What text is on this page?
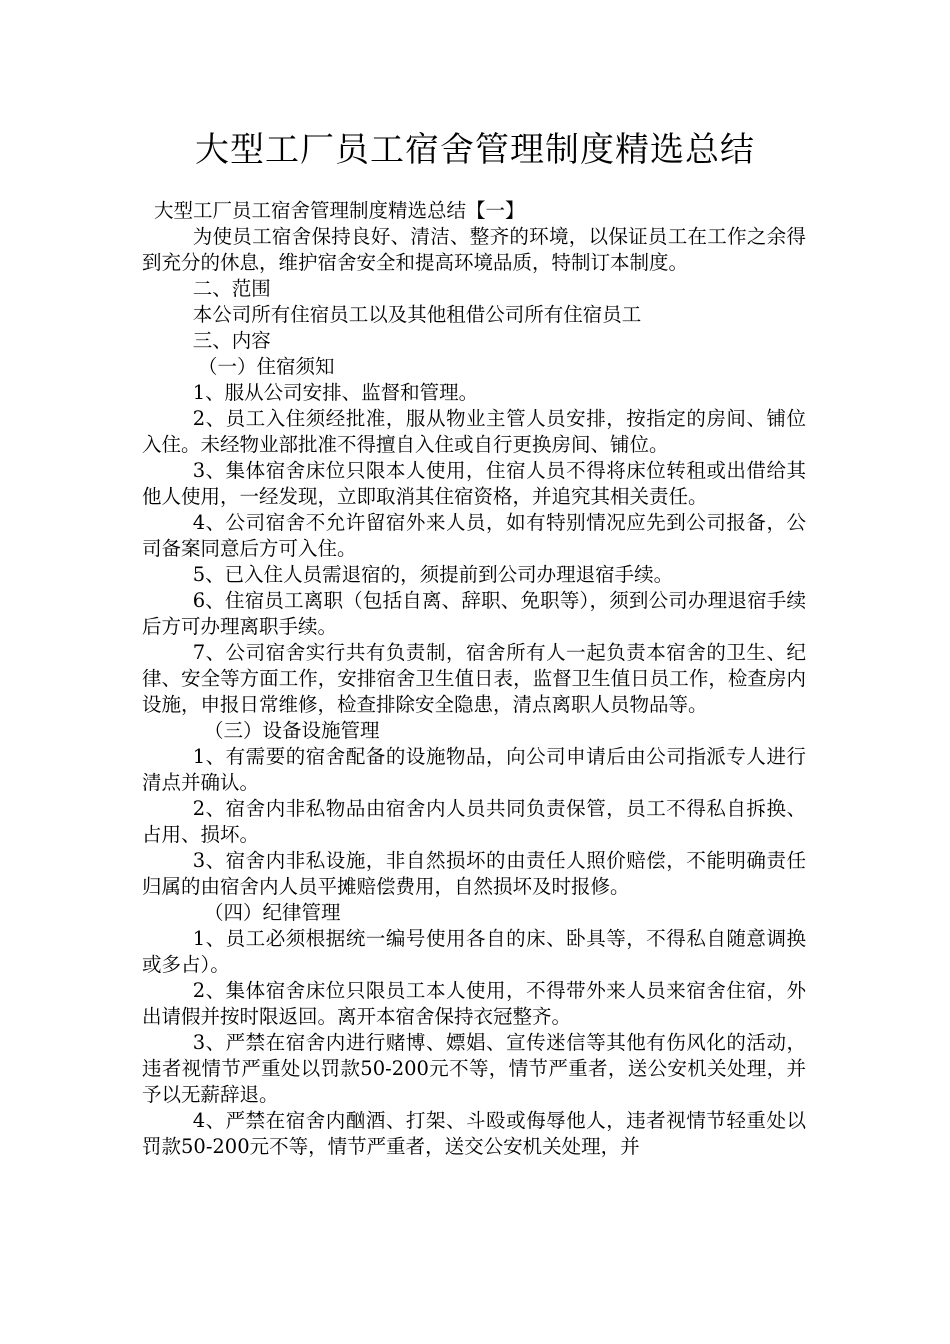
大型工厂员工宿舍管理制度精选总结

大型工厂员工宿舍管理制度精选总结【一】

为使员工宿舍保持良好、清洁、整齐的环境，以保证员工在工作之余得到充分的休息，维护宿舍安全和提高环境品质，特制订本制度。

二、范围

本公司所有住宿员工以及其他租借公司所有住宿员工

三、内容

（一）住宿须知

1、服从公司安排、监督和管理。

2、员工入住须经批准，服从物业主管人员安排，按指定的房间、铺位入住。未经物业部批准不得擅自入住或自行更换房间、铺位。

3、集体宿舍床位只限本人使用，住宿人员不得将床位转租或出借给其他人使用，一经发现，立即取消其住宿资格，并追究其相关责任。

4、公司宿舍不允许留宿外来人员，如有特别情况应先到公司报备，公司备案同意后方可入住。

5、已入住人员需退宿的，须提前到公司办理退宿手续。

6、住宿员工离职（包括自离、辞职、免职等），须到公司办理退宿手续后方可办理离职手续。

7、公司宿舍实行共有负责制，宿舍所有人一起负责本宿舍的卫生、纪律、安全等方面工作，安排宿舍卫生值日表，监督卫生值日员工作，检查房内设施，申报日常维修，检查排除安全隐患，清点离职人员物品等。

（三）设备设施管理

1、有需要的宿舍配备的设施物品，向公司申请后由公司指派专人进行清点并确认。

2、宿舍内非私物品由宿舍内人员共同负责保管，员工不得私自拆换、占用、损坏。

3、宿舍内非私设施，非自然损坏的由责任人照价赔偿，不能明确责任归属的由宿舍内人员平摊赔偿费用，自然损坏及时报修。

（四）纪律管理

1、员工必须根据统一编号使用各自的床、卧具等，不得私自随意调换或多占）。

2、集体宿舍床位只限员工本人使用，不得带外来人员来宿舍住宿，外出请假并按时限返回。离开本宿舍保持衣冠整齐。

3、严禁在宿舍内进行赌博、嫖娼、宣传迷信等其他有伤风化的活动，违者视情节严重处以罚款50-200元不等，情节严重者，送公安机关处理，并予以无薪辞退。

4、严禁在宿舍内酗酒、打架、斗殴或侮辱他人，违者视情节轻重处以罚款50-200元不等，情节严重者，送交公安机关处理，并
